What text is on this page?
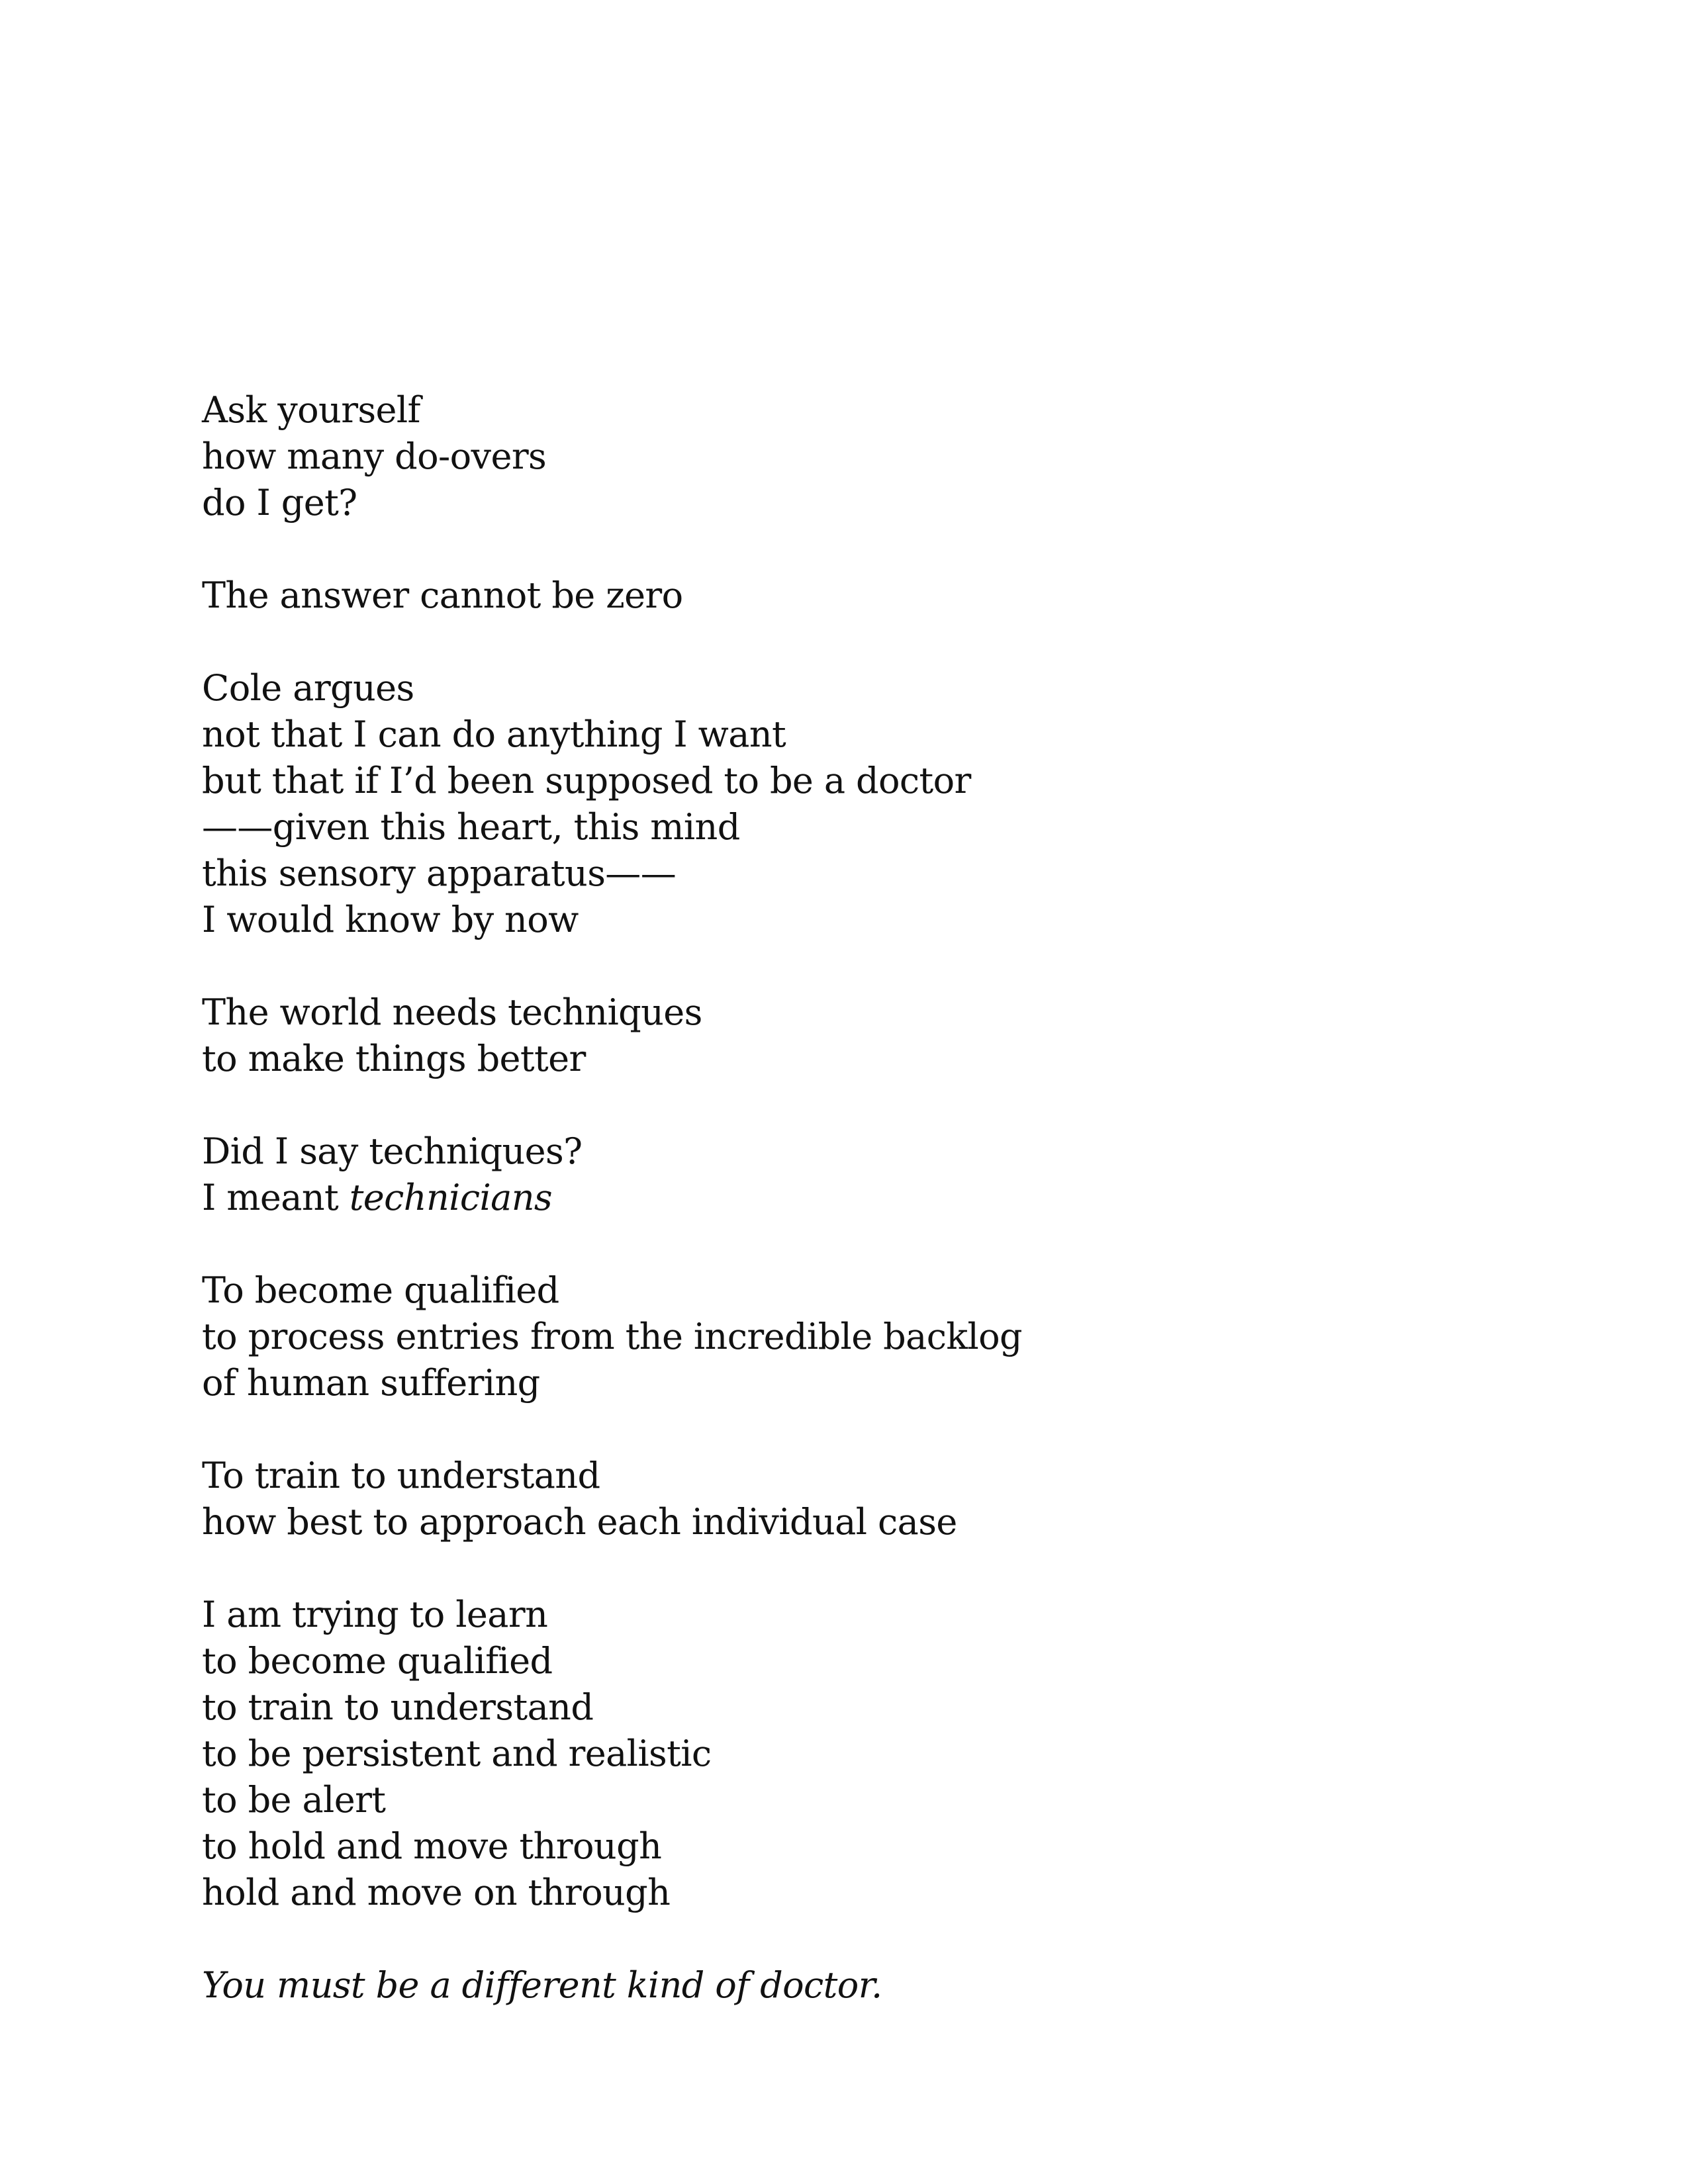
Ask yourself
how many do-overs
do I get?
The answer cannot be zero
Cole argues
not that I can do anything I want
but that if I’d been supposed to be a doctor
——given this heart, this mind
this sensory apparatus——
I would know by now
The world needs techniques
to make things better
Did I say techniques?
I meant technicians
To become qualified
to process entries from the incredible backlog
of human suffering
To train to understand
how best to approach each individual case
I am trying to learn
to become qualified
to train to understand
to be persistent and realistic
to be alert
to hold and move through
hold and move on through
You must be a different kind of doctor.
